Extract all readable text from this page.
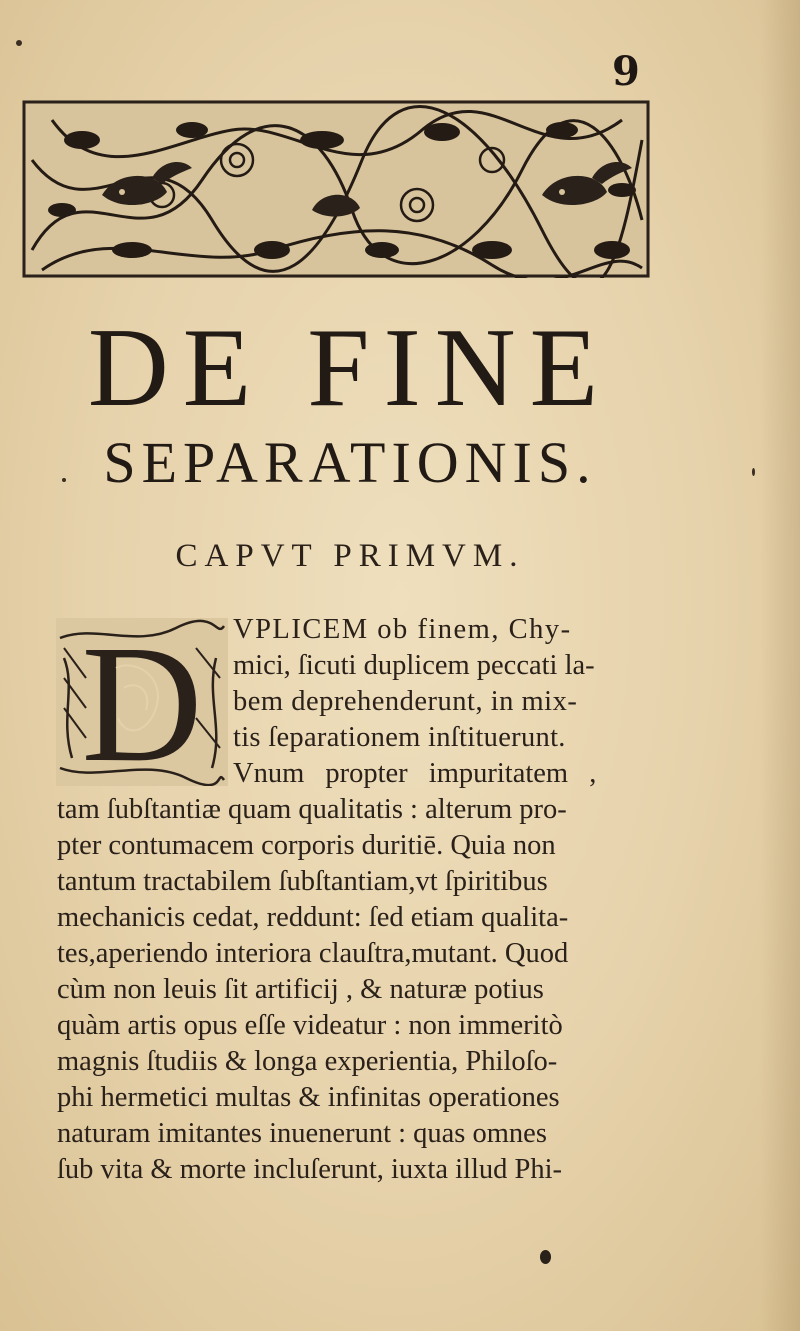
9
DE FINE
SEPARATIONIS.
CAPVT PRIMVM.
D VPLICEM ob finem, Chy-
mici, ſicuti duplicem peccati la-
bem deprehenderunt, in mix-
tis ſeparationem inſtituerunt.
Vnum propter impuritatem ,
tam ſubſtantiæ quam qualitatis : alterum pro-
pter contumacem corporis duritiē. Quia non
tantum tractabilem ſubſtantiam,vt ſpiritibus
mechanicis cedat, reddunt: ſed etiam qualita-
tes,aperiendo interiora clauſtra,mutant. Quod
cùm non leuis ſit artificij , & naturæ potius
quàm artis opus eſſe videatur : non immeritò
magnis ſtudiis & longa experientia, Philoſo-
phi hermetici multas & infinitas operationes
naturam imitantes inuenerunt : quas omnes
ſub vita & morte incluſerunt, iuxta illud Phi-
